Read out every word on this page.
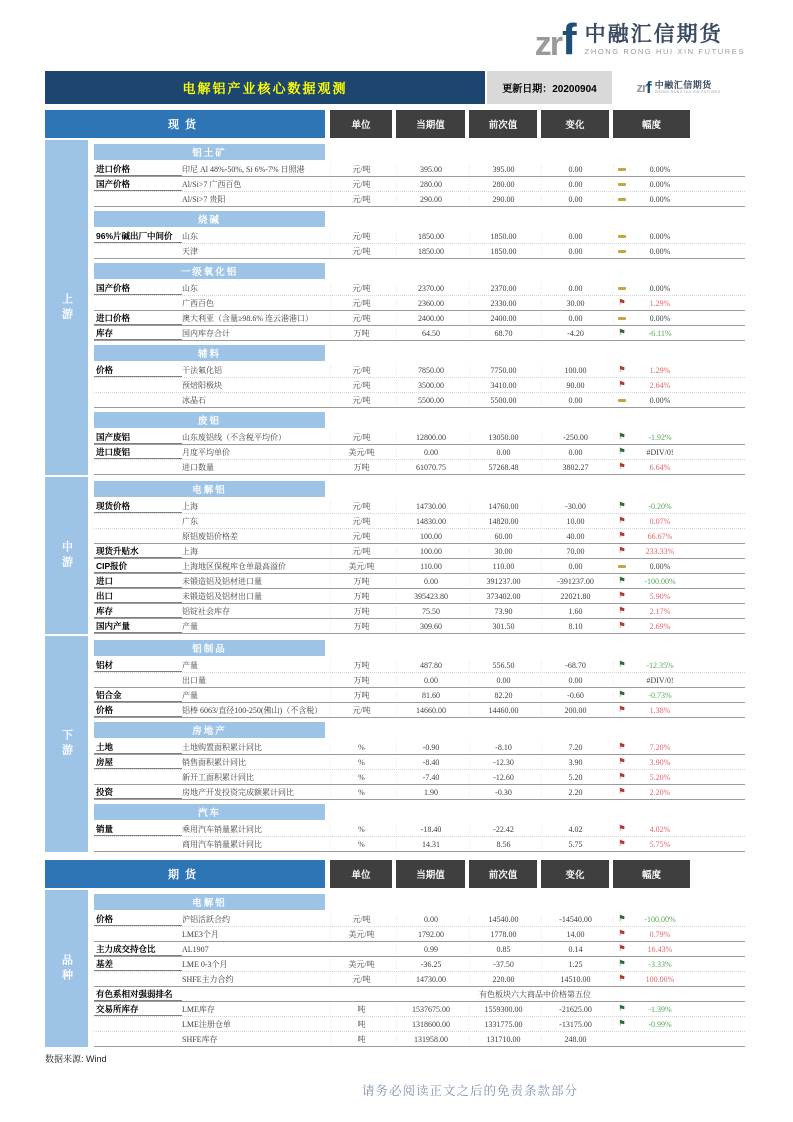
zr f 中融汇信期货
ZHONG RONG HUI XIN FUTURES
电解铝产业核心数据观测	更新日期：20200904	zr f 中融汇信期货
ZHONG RONG HUI XIN FUTURES
现货	单位	当期值	前次值	变化	幅度
上游
铝土矿
进口价格	印尼 Al 48%-50%, Si 6%-7% 日照港	元/吨	395.00	395.00	0.00	0.00%
国产价格	Al/Si>7 广西百色	元/吨	280.00	280.00	0.00	0.00%
Al/Si>7 贵阳	元/吨	290.00	290.00	0.00	0.00%
烧碱
96%片碱出厂中间价	山东	元/吨	1850.00	1850.00	0.00	0.00%
天津	元/吨	1850.00	1850.00	0.00	0.00%
一级氧化铝
国产价格	山东	元/吨	2370.00	2370.00	0.00	0.00%
广西百色	元/吨	2360.00	2330.00	30.00	⚑	1.29%
进口价格	澳大利亚（含量≥98.6% 连云港港口）	元/吨	2400.00	2400.00	0.00	0.00%
库存	国内库存合计	万吨	64.50	68.70	-4.20	⚑	-6.11%
辅料
价格	干法氟化铝	元/吨	7850.00	7750.00	100.00	⚑	1.29%
预焙阳极块	元/吨	3500.00	3410.00	90.00	⚑	2.64%
冰晶石	元/吨	5500.00	5500.00	0.00	0.00%
废铝
国产废铝	山东废铝线（不含税平均价）	元/吨	12800.00	13050.00	-250.00	⚑	-1.92%
进口废铝	月度平均单价	美元/吨	0.00	0.00	0.00	⚑	#DIV/0!
进口数量	万吨	61070.75	57268.48	3802.27	⚑	6.64%
中游
电解铝
现货价格	上海	元/吨	14730.00	14760.00	-30.00	⚑	-0.20%
广东	元/吨	14830.00	14820.00	10.00	⚑	0.07%
原铝废铝价格差	元/吨	100.00	60.00	40.00	⚑	66.67%
现货升贴水	上海	元/吨	100.00	30.00	70.00	⚑	233.33%
CIP报价	上海地区保税库仓单最高溢价	美元/吨	110.00	110.00	0.00	0.00%
进口	未锻造铝及铝材进口量	万吨	0.00	391237.00	-391237.00	⚑	-100.00%
出口	未锻造铝及铝材出口量	万吨	395423.80	373402.00	22021.80	⚑	5.90%
库存	铝锭社会库存	万吨	75.50	73.90	1.60	⚑	2.17%
国内产量	产量	万吨	309.60	301.50	8.10	⚑	2.69%
下游
铝制品
铝材	产量	万吨	487.80	556.50	-68.70	⚑	-12.35%
出口量	万吨	0.00	0.00	0.00	#DIV/0!
铝合金	产量	万吨	81.60	82.20	-0.60	⚑	-0.73%
价格	铝棒 6063/直径100-250(佛山)（不含税）	元/吨	14660.00	14460.00	200.00	⚑	1.38%
房地产
土地	土地购置面积累计同比	%	-0.90	-8.10	7.20	⚑	7.20%
房屋	销售面积累计同比	%	-8.40	-12.30	3.90	⚑	3.90%
新开工面积累计同比	%	-7.40	-12.60	5.20	⚑	5.20%
投资	房地产开发投资完成额累计同比	%	1.90	-0.30	2.20	⚑	2.20%
汽车
销量	乘用汽车销量累计同比	%	-18.40	-22.42	4.02	⚑	4.02%
商用汽车销量累计同比	%	14.31	8.56	5.75	⚑	5.75%
期货	单位	当期值	前次值	变化	幅度
品种
电解铝
价格	沪铝活跃合约	元/吨	0.00	14540.00	-14540.00	⚑	-100.00%
LME3个月	美元/吨	1792.00	1778.00	14.00	⚑	0.79%
主力成交持仓比	AL1907	0.99	0.85	0.14	⚑	16.43%
基差	LME 0-3个月	美元/吨	-36.25	-37.50	1.25	⚑	-3.33%
SHFE主力合约	元/吨	14730.00	220.00	14510.00	⚑	100.00%
有色系相对强弱排名	有色板块六大商品中价格第五位
交易所库存	LME库存	吨	1537675.00	1559300.00	-21625.00	⚑	-1.39%
LME注册仓单	吨	1318600.00	1331775.00	-13175.00	⚑	-0.99%
SHFE库存	吨	131958.00	131710.00	248.00
数据来源: Wind
请务必阅读正文之后的免责条款部分
